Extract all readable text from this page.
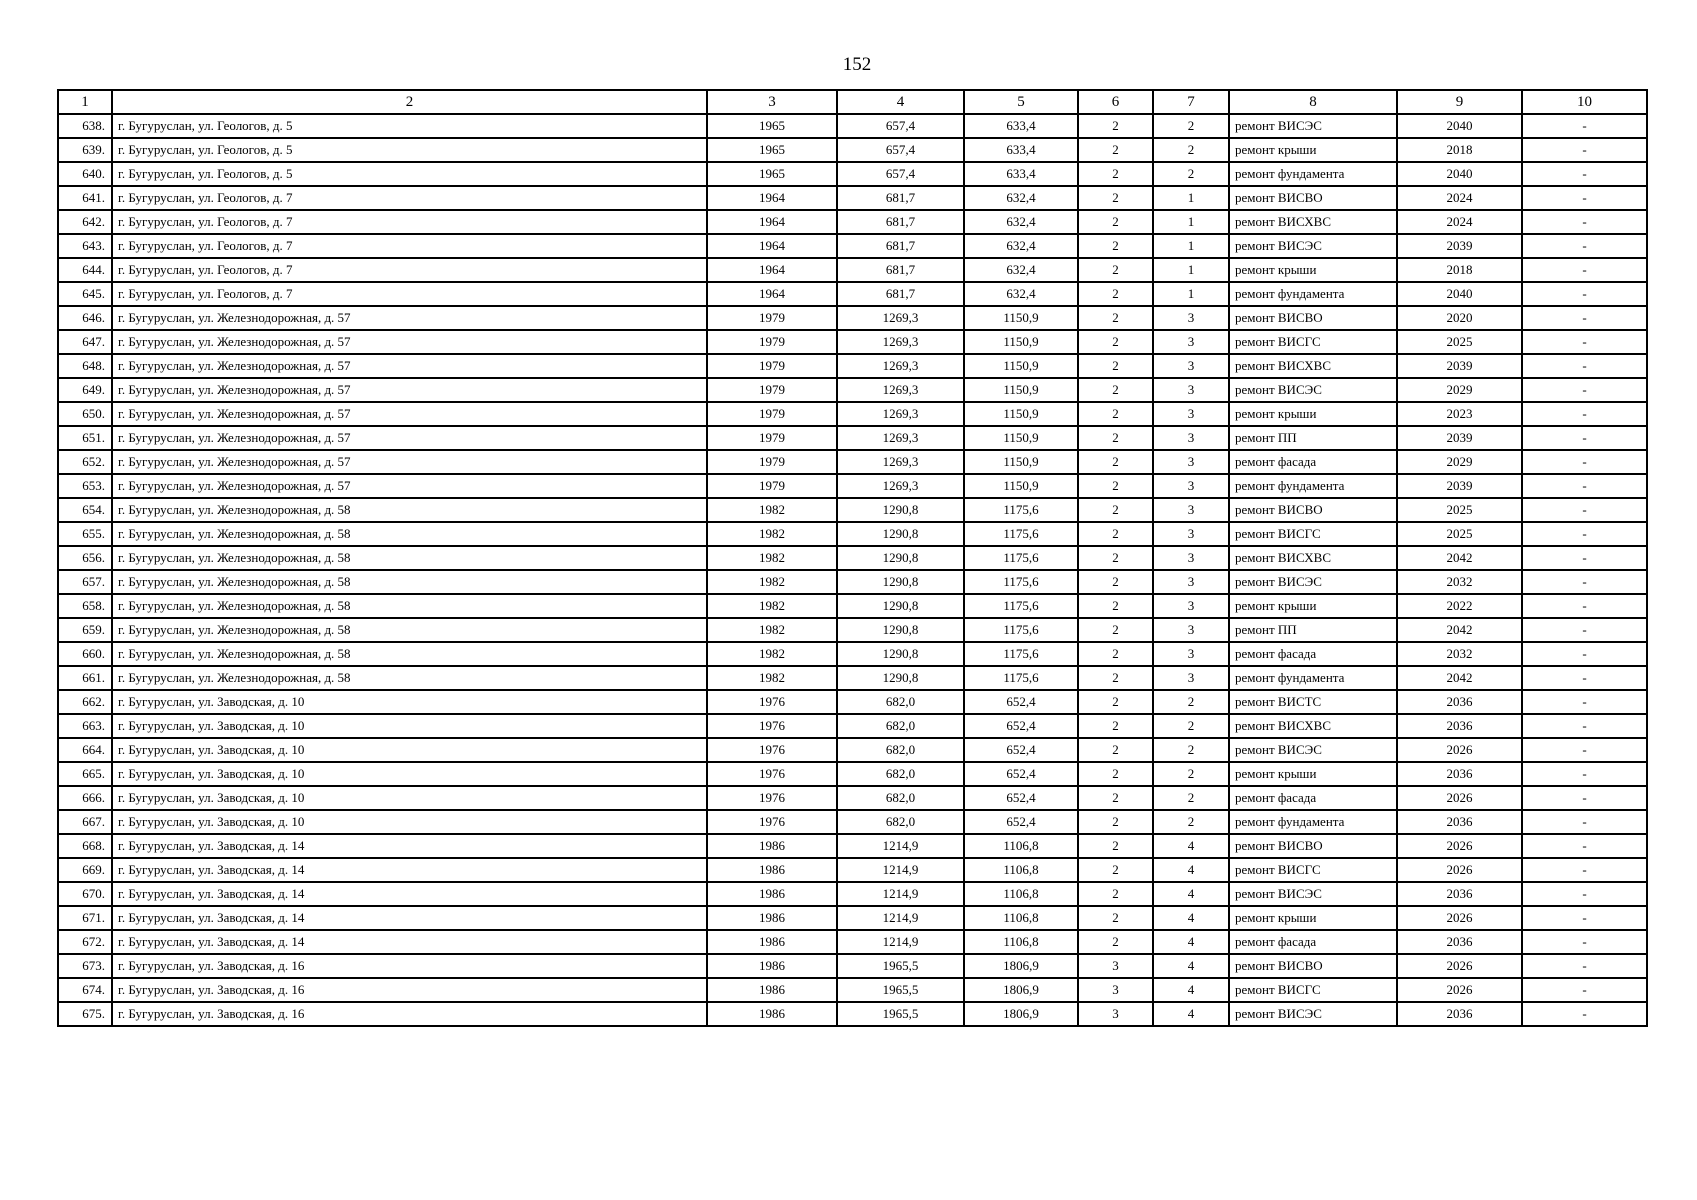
152
1	2	3	4	5	6	7	8	9	10
638.	г. Бугуруслан, ул. Геологов, д. 5	1965	657,4	633,4	2	2	ремонт ВИСЭС	2040	-
639.	г. Бугуруслан, ул. Геологов, д. 5	1965	657,4	633,4	2	2	ремонт крыши	2018	-
640.	г. Бугуруслан, ул. Геологов, д. 5	1965	657,4	633,4	2	2	ремонт фундамента	2040	-
641.	г. Бугуруслан, ул. Геологов, д. 7	1964	681,7	632,4	2	1	ремонт ВИСВО	2024	-
642.	г. Бугуруслан, ул. Геологов, д. 7	1964	681,7	632,4	2	1	ремонт ВИСХВС	2024	-
643.	г. Бугуруслан, ул. Геологов, д. 7	1964	681,7	632,4	2	1	ремонт ВИСЭС	2039	-
644.	г. Бугуруслан, ул. Геологов, д. 7	1964	681,7	632,4	2	1	ремонт крыши	2018	-
645.	г. Бугуруслан, ул. Геологов, д. 7	1964	681,7	632,4	2	1	ремонт фундамента	2040	-
646.	г. Бугуруслан, ул. Железнодорожная, д. 57	1979	1269,3	1150,9	2	3	ремонт ВИСВО	2020	-
647.	г. Бугуруслан, ул. Железнодорожная, д. 57	1979	1269,3	1150,9	2	3	ремонт ВИСГС	2025	-
648.	г. Бугуруслан, ул. Железнодорожная, д. 57	1979	1269,3	1150,9	2	3	ремонт ВИСХВС	2039	-
649.	г. Бугуруслан, ул. Железнодорожная, д. 57	1979	1269,3	1150,9	2	3	ремонт ВИСЭС	2029	-
650.	г. Бугуруслан, ул. Железнодорожная, д. 57	1979	1269,3	1150,9	2	3	ремонт крыши	2023	-
651.	г. Бугуруслан, ул. Железнодорожная, д. 57	1979	1269,3	1150,9	2	3	ремонт ПП	2039	-
652.	г. Бугуруслан, ул. Железнодорожная, д. 57	1979	1269,3	1150,9	2	3	ремонт фасада	2029	-
653.	г. Бугуруслан, ул. Железнодорожная, д. 57	1979	1269,3	1150,9	2	3	ремонт фундамента	2039	-
654.	г. Бугуруслан, ул. Железнодорожная, д. 58	1982	1290,8	1175,6	2	3	ремонт ВИСВО	2025	-
655.	г. Бугуруслан, ул. Железнодорожная, д. 58	1982	1290,8	1175,6	2	3	ремонт ВИСГС	2025	-
656.	г. Бугуруслан, ул. Железнодорожная, д. 58	1982	1290,8	1175,6	2	3	ремонт ВИСХВС	2042	-
657.	г. Бугуруслан, ул. Железнодорожная, д. 58	1982	1290,8	1175,6	2	3	ремонт ВИСЭС	2032	-
658.	г. Бугуруслан, ул. Железнодорожная, д. 58	1982	1290,8	1175,6	2	3	ремонт крыши	2022	-
659.	г. Бугуруслан, ул. Железнодорожная, д. 58	1982	1290,8	1175,6	2	3	ремонт ПП	2042	-
660.	г. Бугуруслан, ул. Железнодорожная, д. 58	1982	1290,8	1175,6	2	3	ремонт фасада	2032	-
661.	г. Бугуруслан, ул. Железнодорожная, д. 58	1982	1290,8	1175,6	2	3	ремонт фундамента	2042	-
662.	г. Бугуруслан, ул. Заводская, д. 10	1976	682,0	652,4	2	2	ремонт ВИСТС	2036	-
663.	г. Бугуруслан, ул. Заводская, д. 10	1976	682,0	652,4	2	2	ремонт ВИСХВС	2036	-
664.	г. Бугуруслан, ул. Заводская, д. 10	1976	682,0	652,4	2	2	ремонт ВИСЭС	2026	-
665.	г. Бугуруслан, ул. Заводская, д. 10	1976	682,0	652,4	2	2	ремонт крыши	2036	-
666.	г. Бугуруслан, ул. Заводская, д. 10	1976	682,0	652,4	2	2	ремонт фасада	2026	-
667.	г. Бугуруслан, ул. Заводская, д. 10	1976	682,0	652,4	2	2	ремонт фундамента	2036	-
668.	г. Бугуруслан, ул. Заводская, д. 14	1986	1214,9	1106,8	2	4	ремонт ВИСВО	2026	-
669.	г. Бугуруслан, ул. Заводская, д. 14	1986	1214,9	1106,8	2	4	ремонт ВИСГС	2026	-
670.	г. Бугуруслан, ул. Заводская, д. 14	1986	1214,9	1106,8	2	4	ремонт ВИСЭС	2036	-
671.	г. Бугуруслан, ул. Заводская, д. 14	1986	1214,9	1106,8	2	4	ремонт крыши	2026	-
672.	г. Бугуруслан, ул. Заводская, д. 14	1986	1214,9	1106,8	2	4	ремонт фасада	2036	-
673.	г. Бугуруслан, ул. Заводская, д. 16	1986	1965,5	1806,9	3	4	ремонт ВИСВО	2026	-
674.	г. Бугуруслан, ул. Заводская, д. 16	1986	1965,5	1806,9	3	4	ремонт ВИСГС	2026	-
675.	г. Бугуруслан, ул. Заводская, д. 16	1986	1965,5	1806,9	3	4	ремонт ВИСЭС	2036	-
